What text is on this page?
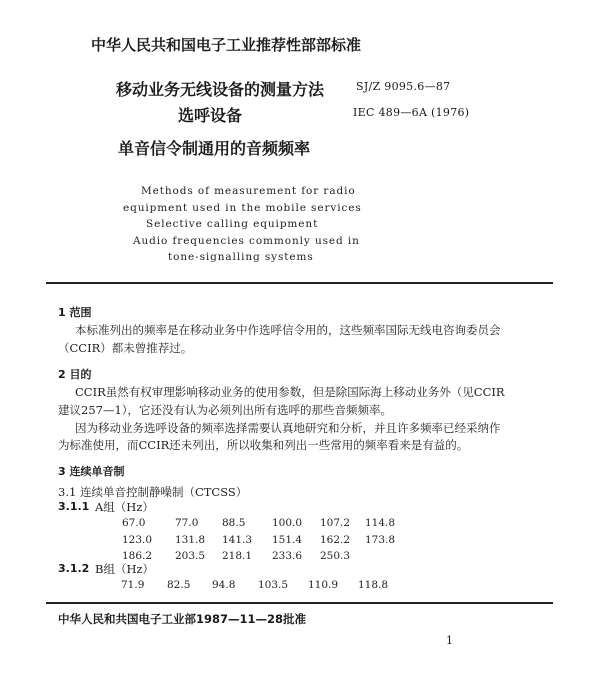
中华人民共和国电子工业推荐性部部标准
移动业务无线设备的测量方法
选呼设备
单音信令制通用的音频频率
SJ/Z 9095.6—87
IEC 489—6A (1976)
Methods of measurement for radio
equipment used in the mobile services
Selective calling equipment
Audio frequencies commonly used in
tone-signalling systems
1 范围
本标准列出的频率是在移动业务中作选呼信令用的，这些频率国际无线电咨询委员会
（CCIR）都未曾推荐过。
2 目的
CCIR虽然有权审理影响移动业务的使用参数，但是除国际海上移动业务外（见CCIR
建议257—1），它还没有认为必须列出所有选呼的那些音频频率。
因为移动业务选呼设备的频率选择需要认真地研究和分析，并且许多频率已经采纳作
为标准使用，而CCIR还未列出，所以收集和列出一些常用的频率看来是有益的。
3 连续单音制
3.1 连续单音控制静噪制（CTCSS）
3.1.1 A组（Hz）
67.0	77.0 88.5	100.0 107.2 114.8
123.0 131.8 141.3 151.4 162.2 173.8
186.2 203.5 218.1 233.6 250.3
3.1.2 B组（Hz）
71.9 82.5 94.8 103.5 110.9 118.8
中华人民和共国电子工业部1987—11—28批准
1
